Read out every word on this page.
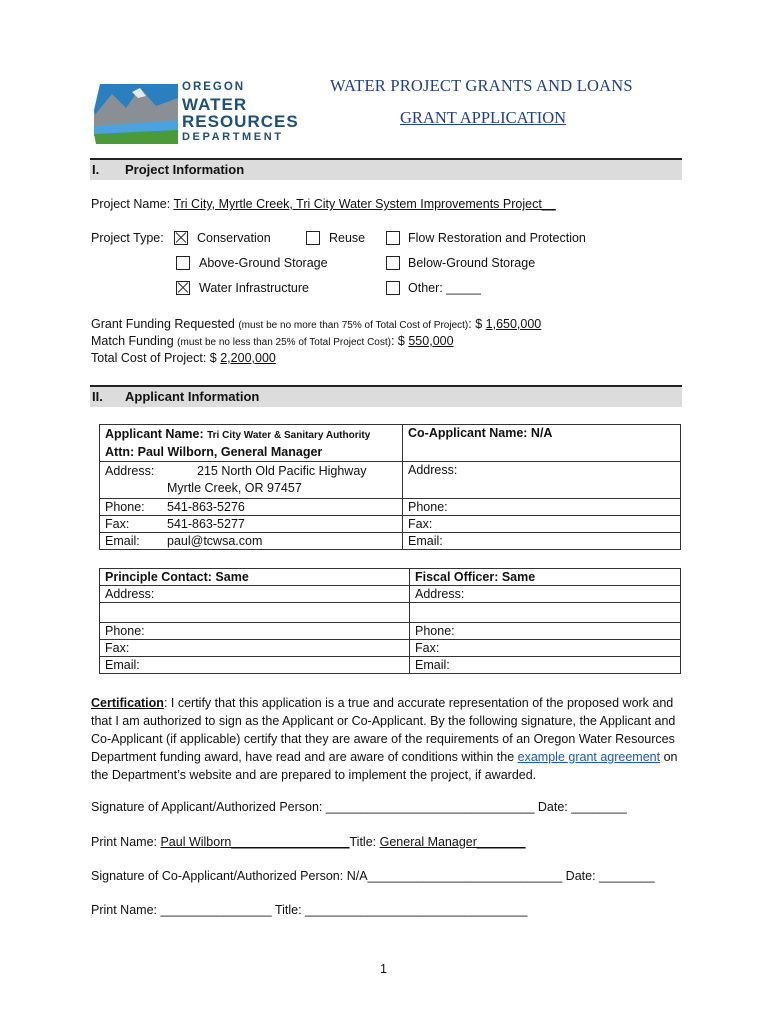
OREGON
WATER
RESOURCES
DEPARTMENT
WATER PROJECT GRANTS AND LOANS
GRANT APPLICATION
I. Project Information
Project Name: Tri City, Myrtle Creek, Tri City Water System Improvements Project__
Project Type:	Conservation	Reuse	Flow Restoration and Protection
Above-Ground Storage	Below-Ground Storage
Water Infrastructure	Other: _____
Grant Funding Requested (must be no more than 75% of Total Cost of Project): $ 1,650,000
Match Funding (must be no less than 25% of Total Project Cost): $ 550,000
Total Cost of Project: $ 2,200,000
II. Applicant Information
Applicant Name: Tri City Water & Sanitary Authority
Attn: Paul Wilborn, General Manager	Co-Applicant Name: N/A
Address: 215 North Old Pacific Highway
Myrtle Creek, OR 97457	Address:
Phone: 541-863-5276	Phone:
Fax: 541-863-5277	Fax:
Email: paul@tcwsa.com	Email:
Principle Contact: Same	Fiscal Officer: Same
Address:	Address:

Phone:	Phone:
Fax:	Fax:
Email:	Email:
Certification: I certify that this application is a true and accurate representation of the proposed work and that I am authorized to sign as the Applicant or Co-Applicant. By the following signature, the Applicant and Co-Applicant (if applicable) certify that they are aware of the requirements of an Oregon Water Resources Department funding award, have read and are aware of conditions within the example grant agreement on the Department’s website and are prepared to implement the project, if awarded.
Signature of Applicant/Authorized Person: ______________________________ Date: ________
Print Name: Paul Wilborn_________________Title: General Manager_______
Signature of Co-Applicant/Authorized Person: N/A____________________________ Date: ________
Print Name: ________________ Title: ________________________________
1
